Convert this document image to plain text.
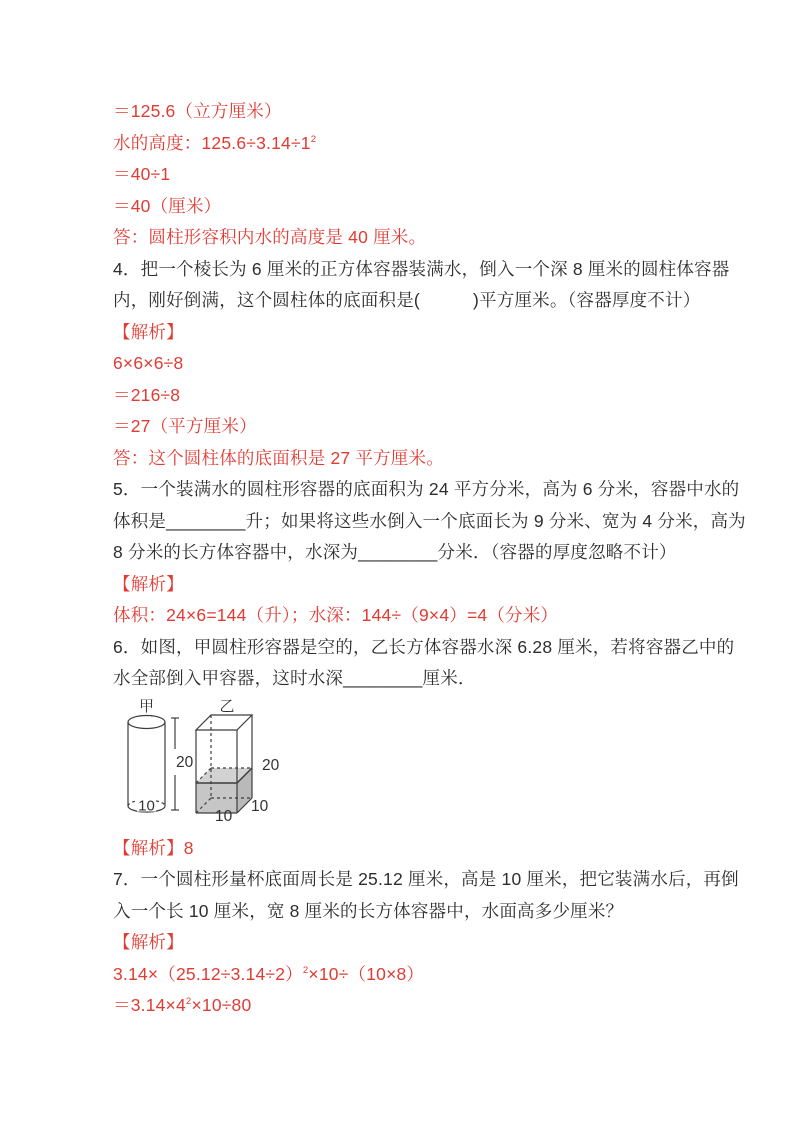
＝125.6（立方厘米）

水的高度：$125.6\div 3.14\div 1^2$

＝40÷1

＝40（厘米）

答：圆柱形容积内水的高度是 40 厘米。

4．把一个棱长为 6 厘米的正方体容器装满水，倒入一个深 8 厘米的圆柱体容器

内，刚好倒满，这个圆柱体的底面积是(　　　)平方厘米。（容器厚度不计）

【解析】

6×6×6÷8

＝216÷8

＝27（平方厘米）

答：这个圆柱体的底面积是 27 平方厘米。

5．一个装满水的圆柱形容器的底面积为 24 平方分米，高为 6 分米，容器中水的

体积是________升；如果将这些水倒入一个底面长为 9 分米、宽为 4 分米，高为

8 分米的长方体容器中，水深为________分米．（容器的厚度忽略不计）

【解析】

体积：24×6=144（升）；水深：144÷（9×4）=4（分米）

6．如图，甲圆柱形容器是空的，乙长方体容器水深 6.28 厘米，若将容器乙中的

水全部倒入甲容器，这时水深________厘米．

甲
20
10
乙
20
10
10

【解析】8

7．一个圆柱形量杯底面周长是 25.12 厘米，高是 10 厘米，把它装满水后，再倒

入一个长 10 厘米，宽 8 厘米的长方体容器中，水面高多少厘米？

【解析】

$3.14\times(25.12\div 3.14\div 2)^2\times 10\div(10\times 8)$

$=3.14\times 4^2\times 10\div 80$
